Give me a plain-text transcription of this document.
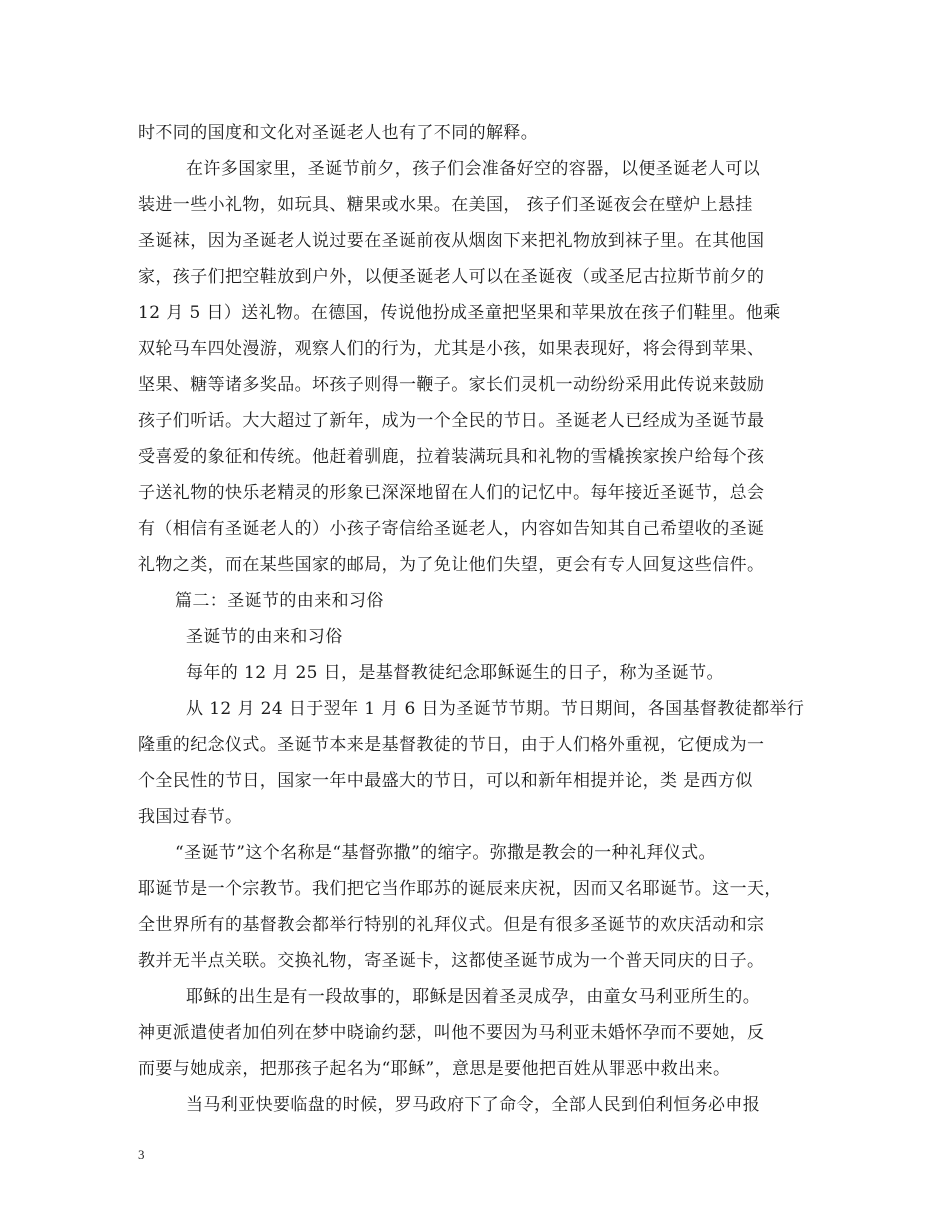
时不同的国度和文化对圣诞老人也有了不同的解释。
在许多国家里，圣诞节前夕，孩子们会准备好空的容器，以便圣诞老人可以
装进一些小礼物，如玩具、糖果或水果。在美国， 孩子们圣诞夜会在壁炉上悬挂
圣诞袜，因为圣诞老人说过要在圣诞前夜从烟囱下来把礼物放到袜子里。在其他国
家，孩子们把空鞋放到户外，以便圣诞老人可以在圣诞夜（或圣尼古拉斯节前夕的
12 月 5 日）送礼物。在德国，传说他扮成圣童把坚果和苹果放在孩子们鞋里。他乘
双轮马车四处漫游，观察人们的行为，尤其是小孩，如果表现好，将会得到苹果、
坚果、糖等诸多奖品。坏孩子则得一鞭子。家长们灵机一动纷纷采用此传说来鼓励
孩子们听话。大大超过了新年，成为一个全民的节日。圣诞老人已经成为圣诞节最
受喜爱的象征和传统。他赶着驯鹿，拉着装满玩具和礼物的雪橇挨家挨户给每个孩
子送礼物的快乐老精灵的形象已深深地留在人们的记忆中。每年接近圣诞节，总会
有（相信有圣诞老人的）小孩子寄信给圣诞老人，内容如告知其自己希望收的圣诞
礼物之类，而在某些国家的邮局，为了免让他们失望，更会有专人回复这些信件。
篇二：圣诞节的由来和习俗
圣诞节的由来和习俗
每年的 12 月 25 日，是基督教徒纪念耶稣诞生的日子，称为圣诞节。
从 12 月 24 日于翌年 1 月 6 日为圣诞节节期。节日期间，各国基督教徒都举行
隆重的纪念仪式。圣诞节本来是基督教徒的节日，由于人们格外重视，它便成为一
个全民性的节日，国家一年中最盛大的节日，可以和新年相提并论，类 是西方似
我国过春节。
“圣诞节”这个名称是“基督弥撒”的缩字。弥撒是教会的一种礼拜仪式。
耶诞节是一个宗教节。我们把它当作耶苏的诞辰来庆祝，因而又名耶诞节。这一天，
全世界所有的基督教会都举行特别的礼拜仪式。但是有很多圣诞节的欢庆活动和宗
教并无半点关联。交换礼物，寄圣诞卡，这都使圣诞节成为一个普天同庆的日子。
耶稣的出生是有一段故事的，耶稣是因着圣灵成孕，由童女马利亚所生的。
神更派遣使者加伯列在梦中晓谕约瑟，叫他不要因为马利亚未婚怀孕而不要她，反
而要与她成亲，把那孩子起名为“耶稣”，意思是要他把百姓从罪恶中救出来。
当马利亚快要临盘的时候，罗马政府下了命令，全部人民到伯利恒务必申报
3
